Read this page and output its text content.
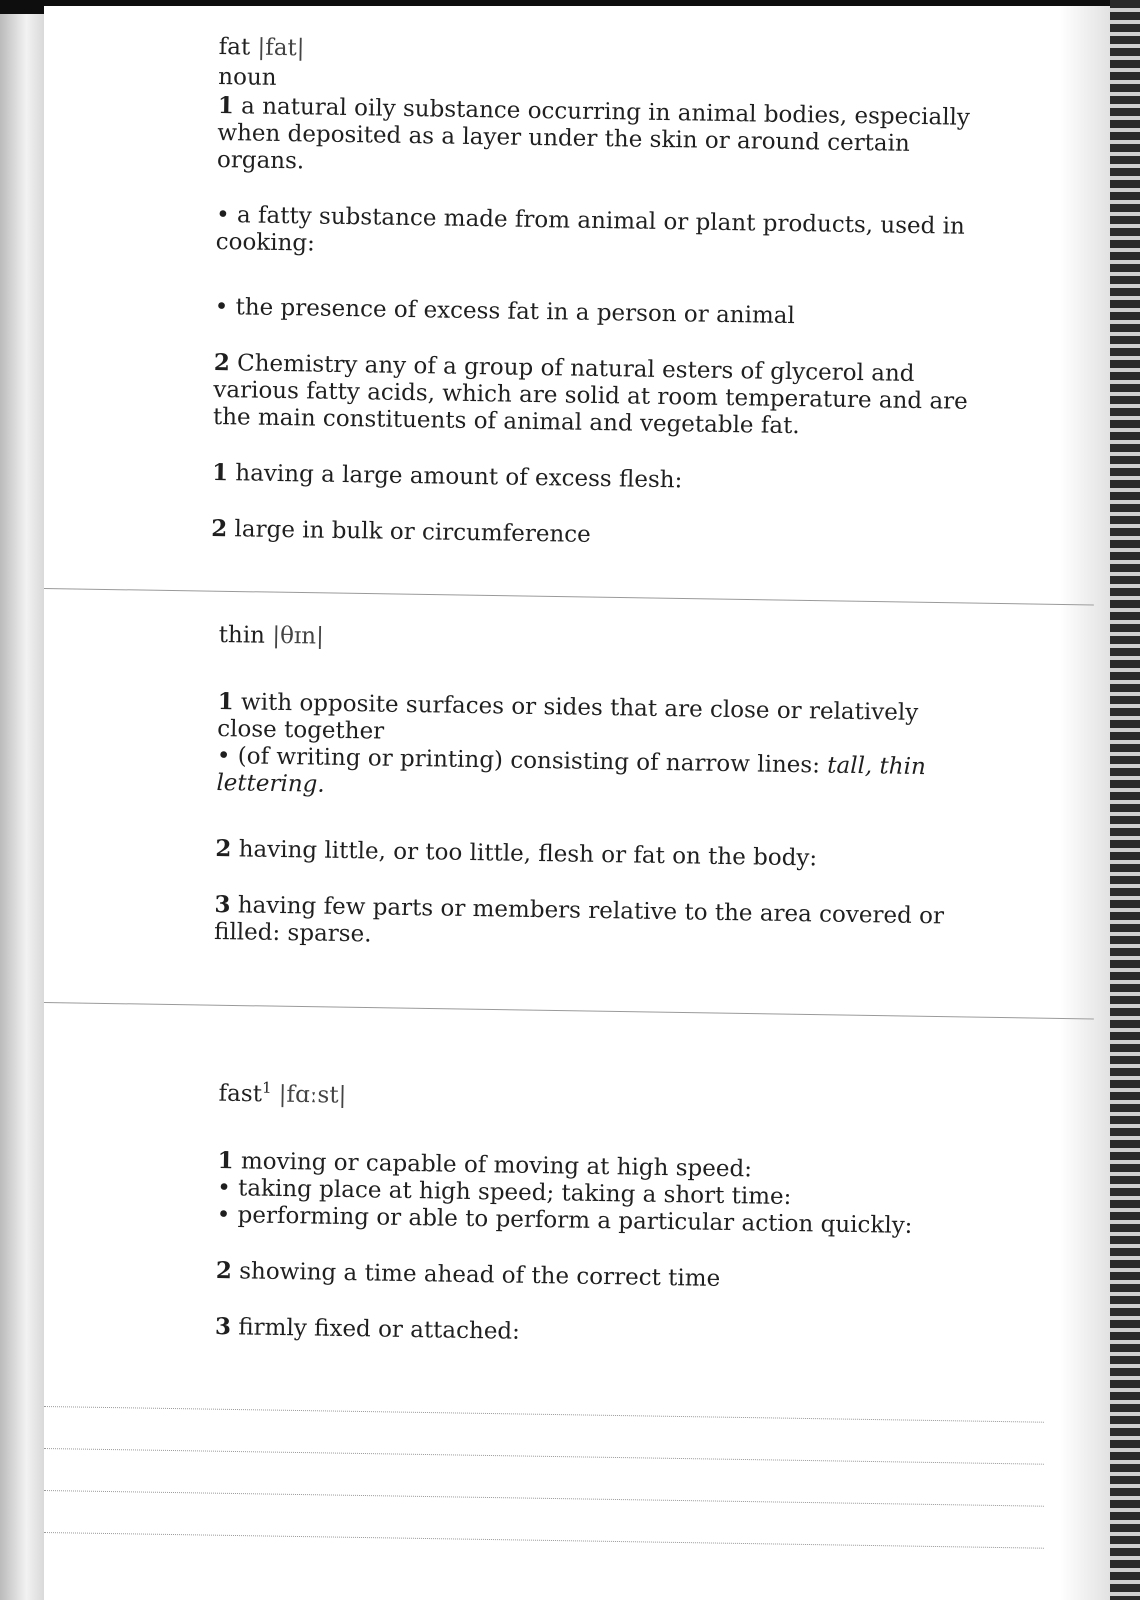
fat |fat|
noun

1 a natural oily substance occurring in animal bodies, especially when deposited as a layer under the skin or around certain organs.

• a fatty substance made from animal or plant products, used in cooking:

• the presence of excess fat in a person or animal

2 Chemistry any of a group of natural esters of glycerol and various fatty acids, which are solid at room temperature and are the main constituents of animal and vegetable fat.

1 having a large amount of excess flesh:

2 large in bulk or circumference

thin |θɪn|

1 with opposite surfaces or sides that are close or relatively close together

• (of writing or printing) consisting of narrow lines: tall, thin lettering.

2 having little, or too little, flesh or fat on the body:

3 having few parts or members relative to the area covered or filled: sparse.

fast$^1$ |fɑːst|

1 moving or capable of moving at high speed:

• taking place at high speed; taking a short time:

• performing or able to perform a particular action quickly:

2 showing a time ahead of the correct time

3 firmly fixed or attached:
